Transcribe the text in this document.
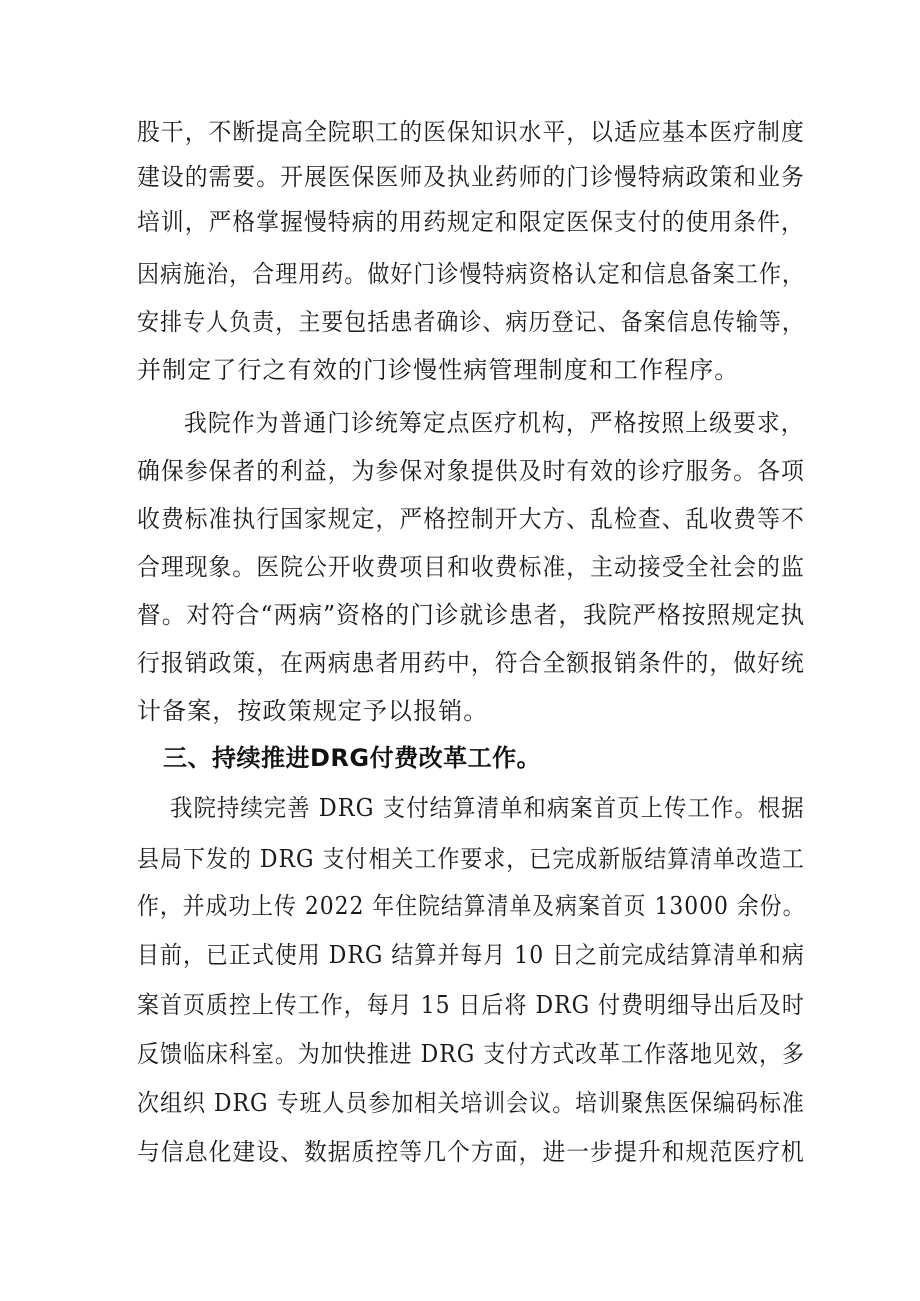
股干，不断提高全院职工的医保知识水平，以适应基本医疗制度
建设的需要。开展医保医师及执业药师的门诊慢特病政策和业务
培训，严格掌握慢特病的用药规定和限定医保支付的使用条件，
因病施治，合理用药。做好门诊慢特病资格认定和信息备案工作，
安排专人负责，主要包括患者确诊、病历登记、备案信息传输等，
并制定了行之有效的门诊慢性病管理制度和工作程序。
我院作为普通门诊统筹定点医疗机构，严格按照上级要求，
确保参保者的利益，为参保对象提供及时有效的诊疗服务。各项
收费标准执行国家规定，严格控制开大方、乱检查、乱收费等不
合理现象。医院公开收费项目和收费标准，主动接受全社会的监
督。对符合“两病”资格的门诊就诊患者，我院严格按照规定执
行报销政策，在两病患者用药中，符合全额报销条件的，做好统
计备案，按政策规定予以报销。
三、持续推进DRG付费改革工作。
我院持续完善 DRG 支付结算清单和病案首页上传工作。根据
县局下发的 DRG 支付相关工作要求，已完成新版结算清单改造工
作，并成功上传 2022 年住院结算清单及病案首页 13000 余份。
目前，已正式使用 DRG 结算并每月 10 日之前完成结算清单和病
案首页质控上传工作，每月 15 日后将 DRG 付费明细导出后及时
反馈临床科室。为加快推进 DRG 支付方式改革工作落地见效，多
次组织 DRG 专班人员参加相关培训会议。培训聚焦医保编码标准
与信息化建设、数据质控等几个方面，进一步提升和规范医疗机
